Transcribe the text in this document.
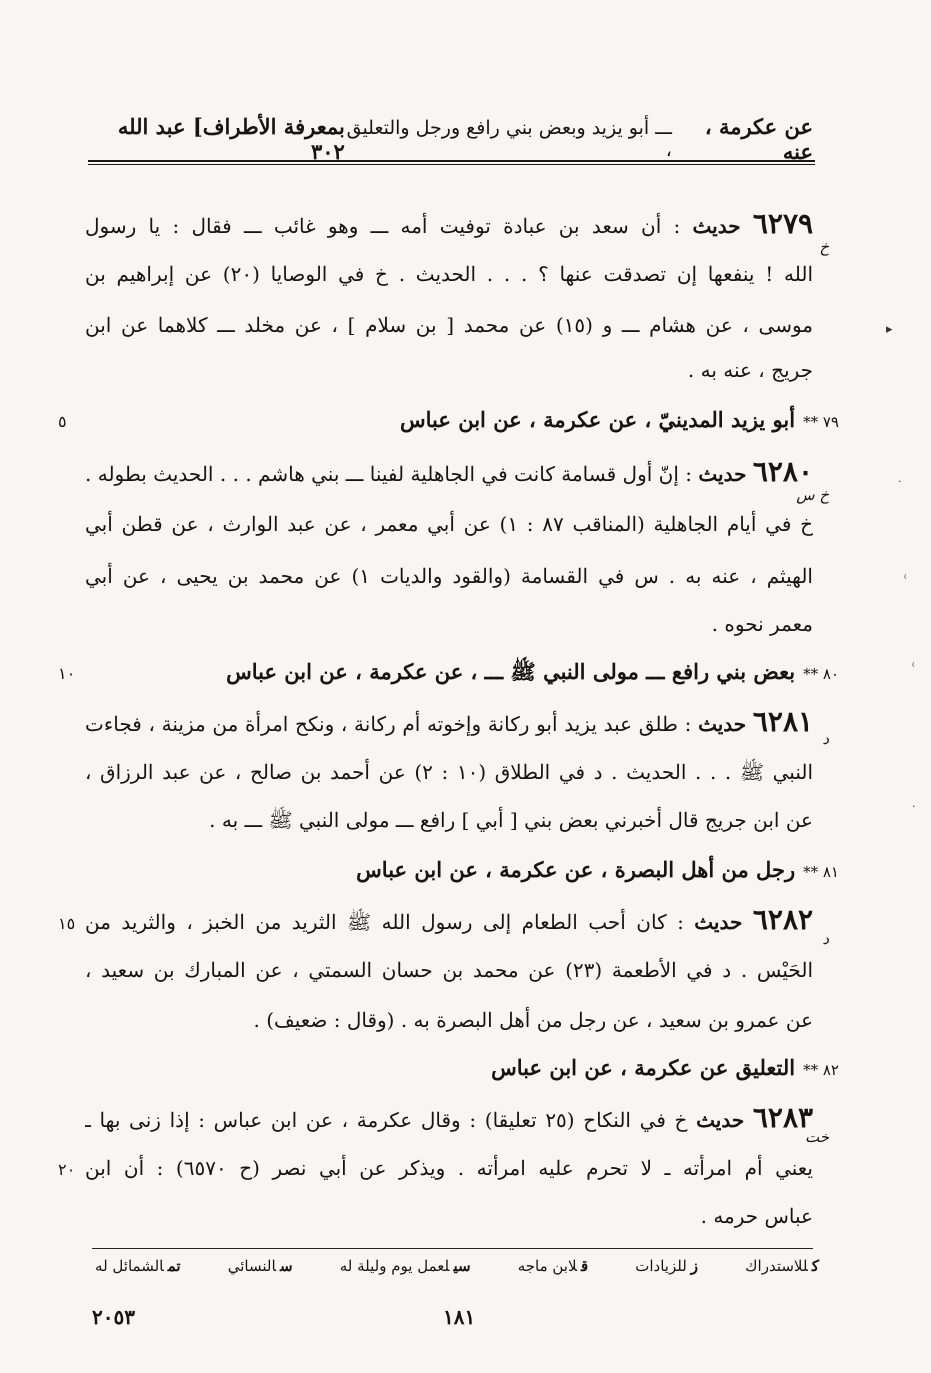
بمعرفة الأطراف] عبد الله ٣٠٢
ـــ أبو يزيد وبعض بني رافع ورجل والتعليق ،
عن عكرمة ، عنه
٦٢٧٩ حديث : أن سعد بن عبادة توفيت أمه ـــ وهو غائب ـــ فقال : يا رسول
الله ! ينفعها إن تصدقت عنها ؟ . . . الحديث . خ في الوصايا (٢٠) عن إبراهيم بن
موسى ، عن هشام ـــ و (١٥) عن محمد [ بن سلام ] ، عن مخلد ـــ كلاهما عن ابن
جريج ، عنه به .
٧٩ **أبو يزيد المدينيّ ، عن عكرمة ، عن ابن عباس
٦٢٨٠ حديث : إنّ أول قسامة كانت في الجاهلية لفينا ـــ بني هاشم . . . الحديث بطوله .
خ في أيام الجاهلية (المناقب ٨٧ : ١) عن أبي معمر ، عن عبد الوارث ، عن قطن أبي
الهيثم ، عنه به . س في القسامة (والقود والديات ١) عن محمد بن يحيى ، عن أبي
معمر نحوه .
٨٠ **بعض بني رافع ـــ مولى النبي ﷺ ـــ ، عن عكرمة ، عن ابن عباس
٦٢٨١ حديث : طلق عبد يزيد أبو ركانة وإخوته أم ركانة ، ونكح امرأة من مزينة ، فجاءت
النبي ﷺ . . . الحديث . د في الطلاق (١٠ : ٢) عن أحمد بن صالح ، عن عبد الرزاق ،
عن ابن جريج قال أخبرني بعض بني [ أبي ] رافع ـــ مولى النبي ﷺ ـــ به .
٨١ **رجل من أهل البصرة ، عن عكرمة ، عن ابن عباس
٦٢٨٢ حديث : كان أحب الطعام إلى رسول الله ﷺ الثريد من الخبز ، والثريد من
الحَيْس . د في الأطعمة (٢٣) عن محمد بن حسان السمتي ، عن المبارك بن سعيد ،
عن عمرو بن سعيد ، عن رجل من أهل البصرة به . (وقال : ضعيف) .
٨٢ **التعليق عن عكرمة ، عن ابن عباس
٦٢٨٣ حديث خ في النكاح (٢٥ تعليقا) : وقال عكرمة ، عن ابن عباس : إذا زنى بها ـ
يعني أم امرأته ـ لا تحرم عليه امرأته . ويذكر عن أبي نصر (ح ٦٥٧٠) : أن ابن
عباس حرمه .
خ
خ س
د
د
خت
٥
١٠
١٥
٢٠
▸
·
⁽
⁽
·
تمالشمائل له	سالنسائي	سيلعمل يوم وليلة له	قلابن ماجه	زللزيادات	كللاستدراك
١٨١
٢٠٥٣
